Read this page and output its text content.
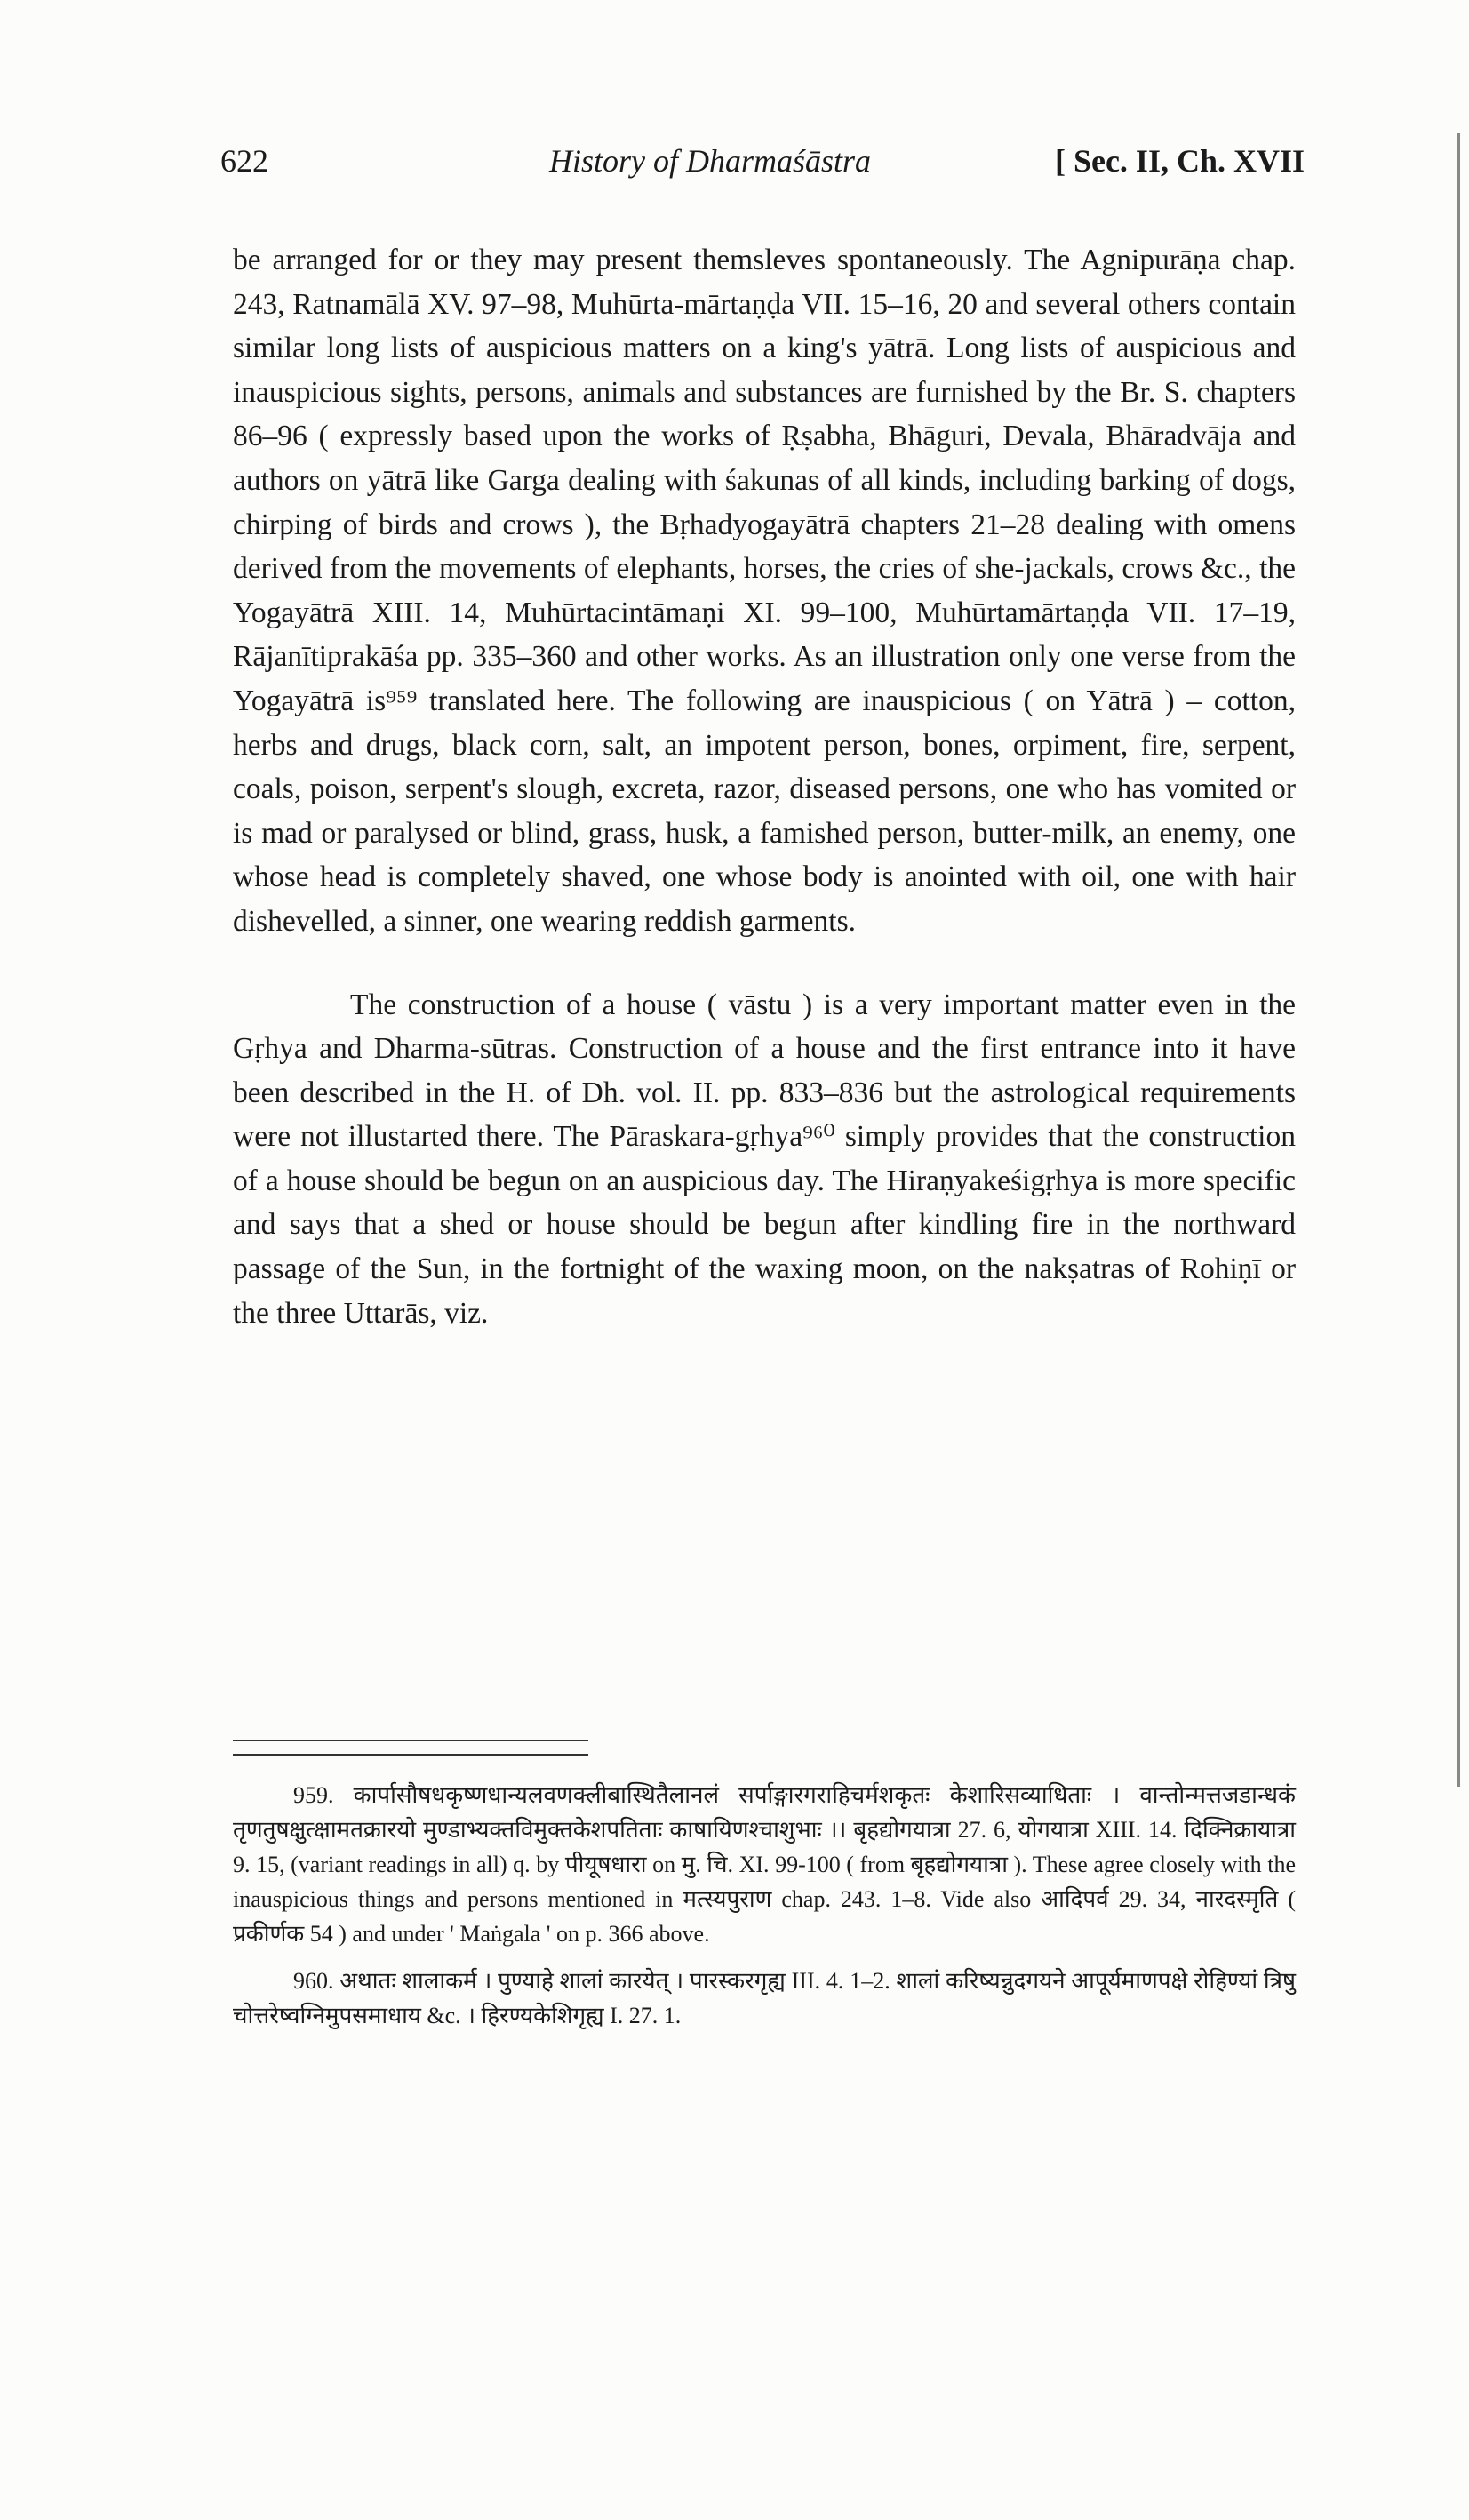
622	History of Dharmaśāstra	[ Sec. II, Ch. XVII

be arranged for or they may present themsleves spontaneously. The Agnipurāṇa chap. 243, Ratnamālā XV. 97–98, Muhūrta-mārtaṇḍa VII. 15–16, 20 and several others contain similar long lists of auspicious matters on a king's yātrā. Long lists of auspicious and inauspicious sights, persons, animals and substances are furnished by the Br. S. chapters 86–96 ( expressly based upon the works of Ṛṣabha, Bhāguri, Devala, Bhāradvāja and authors on yātrā like Garga dealing with śakunas of all kinds, including barking of dogs, chirping of birds and crows ), the Bṛhadyogayātrā chapters 21–28 dealing with omens derived from the movements of elephants, horses, the cries of she-jackals, crows &c., the Yogayātrā XIII. 14, Muhūrtacintāmaṇi XI. 99–100, Muhūrtamārtaṇḍa VII. 17–19, Rājanītiprakāśa pp. 335–360 and other works. As an illustration only one verse from the Yogayātrā is⁹⁵⁹ translated here. The following are inauspicious ( on Yātrā ) – cotton, herbs and drugs, black corn, salt, an impotent person, bones, orpiment, fire, serpent, coals, poison, serpent's slough, excreta, razor, diseased persons, one who has vomited or is mad or paralysed or blind, grass, husk, a famished person, butter-milk, an enemy, one whose head is completely shaved, one whose body is anointed with oil, one with hair dishevelled, a sinner, one wearing reddish garments.

The construction of a house ( vāstu ) is a very important matter even in the Gṛhya and Dharma-sūtras. Construction of a house and the first entrance into it have been described in the H. of Dh. vol. II. pp. 833–836 but the astrological requirements were not illustarted there. The Pāraskara-gṛhya⁹⁶⁰ simply provides that the construction of a house should be begun on an auspicious day. The Hiraṇyakeśigṛhya is more specific and says that a shed or house should be begun after kindling fire in the northward passage of the Sun, in the fortnight of the waxing moon, on the nakṣatras of Rohiṇī or the three Uttarās, viz.

959. कार्पासौषधकृष्णधान्यलवणक्लीबास्थितैलानलं सर्पाङ्गारगराहिचर्मशकृतः केशारिसव्याधिताः । वान्तोन्मत्तजडान्धकं तृणतुषक्षुत्क्षामतक्रारयो मुण्डाभ्यक्तविमुक्तकेशपतिताः काषायिणश्चाशुभाः ।। बृहद्योगयात्रा 27. 6, योगयात्रा XIII. 14. दिक्निक्रायात्रा 9. 15, (variant readings in all) q. by पीयूषधारा on मु. चि. XI. 99-100 ( from बृहद्योगयात्रा ). These agree closely with the inauspicious things and persons mentioned in मत्स्यपुराण chap. 243. 1–8. Vide also आदिपर्व 29. 34, नारदस्मृति ( प्रकीर्णक 54 ) and under ' Maṅgala ' on p. 366 above.

960. अथातः शालाकर्म । पुण्याहे शालां कारयेत् । पारस्करगृह्य III. 4. 1–2. शालां करिष्यन्नुदगयने आपूर्यमाणपक्षे रोहिण्यां त्रिषु चोत्तरेष्वग्निमुपसमाधाय &c. । हिरण्यकेशिगृह्य I. 27. 1.
